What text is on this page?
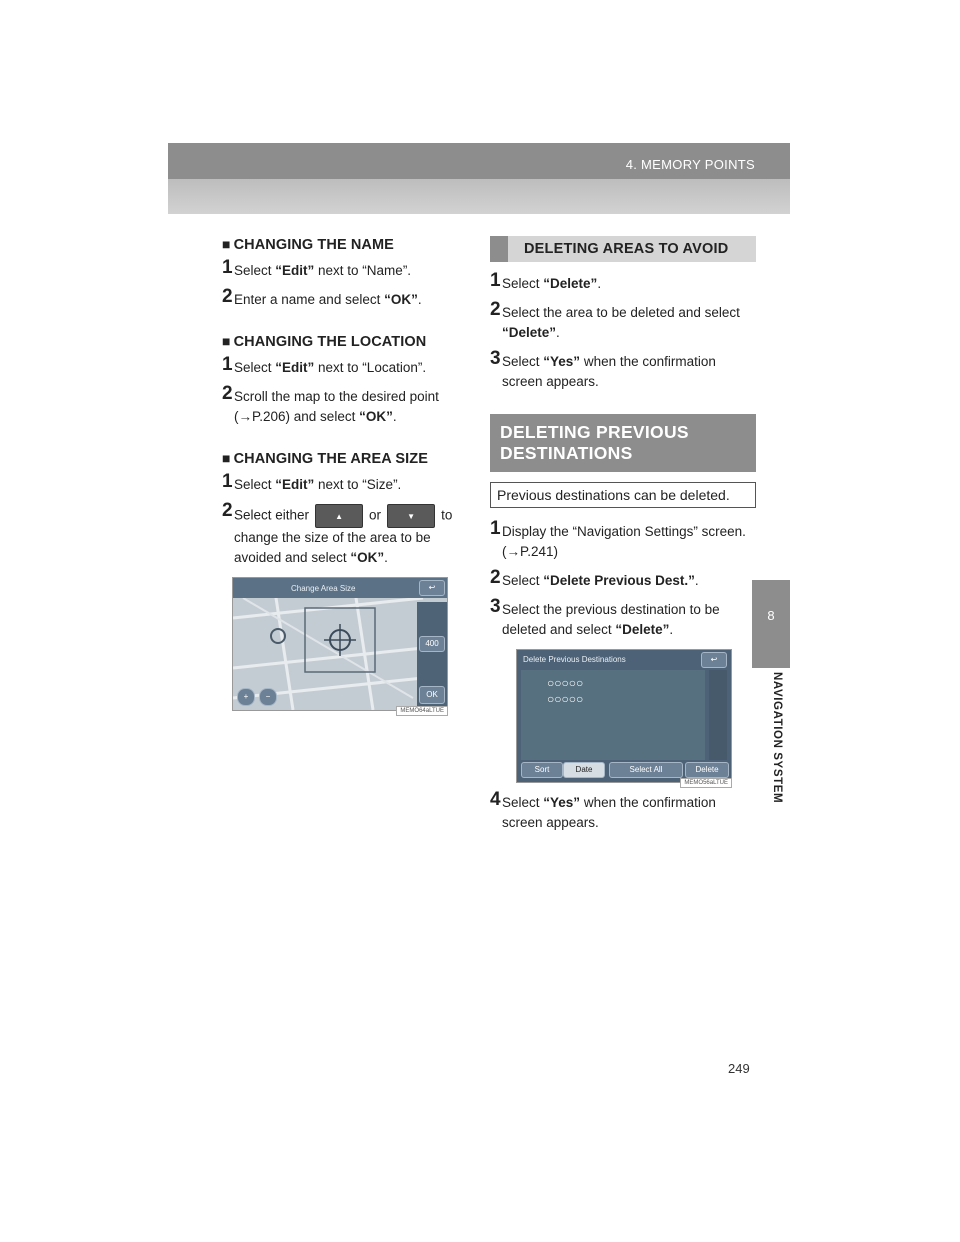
4. MEMORY POINTS
8
NAVIGATION SYSTEM
■ CHANGING THE NAME
1 Select “Edit” next to “Name”.
2 Enter a name and select “OK”.
■ CHANGING THE LOCATION
1 Select “Edit” next to “Location”.
2 Scroll the map to the desired point (→P.206) and select “OK”.
■ CHANGING THE AREA SIZE
1 Select “Edit” next to “Size”.
2 Select either	▲	or	▼	to change the size of the area to be avoided and select “OK”.
Change Area Size	↩
400
OK
+	−
MEMO64aLTUE
DELETING AREAS TO AVOID
1 Select “Delete”.
2 Select the area to be deleted and select “Delete”.
3 Select “Yes” when the confirmation screen appears.
DELETING PREVIOUS DESTINATIONS
Previous destinations can be deleted.
1 Display the “Navigation Settings” screen. (→P.241)
2 Select “Delete Previous Dest.”.
3 Select the previous destination to be deleted and select “Delete”.
Delete Previous Destinations	↩
○○○○○
○○○○○
Sort	Date	Select All	Delete
MEMO56aLTUE
4 Select “Yes” when the confirmation screen appears.
249
